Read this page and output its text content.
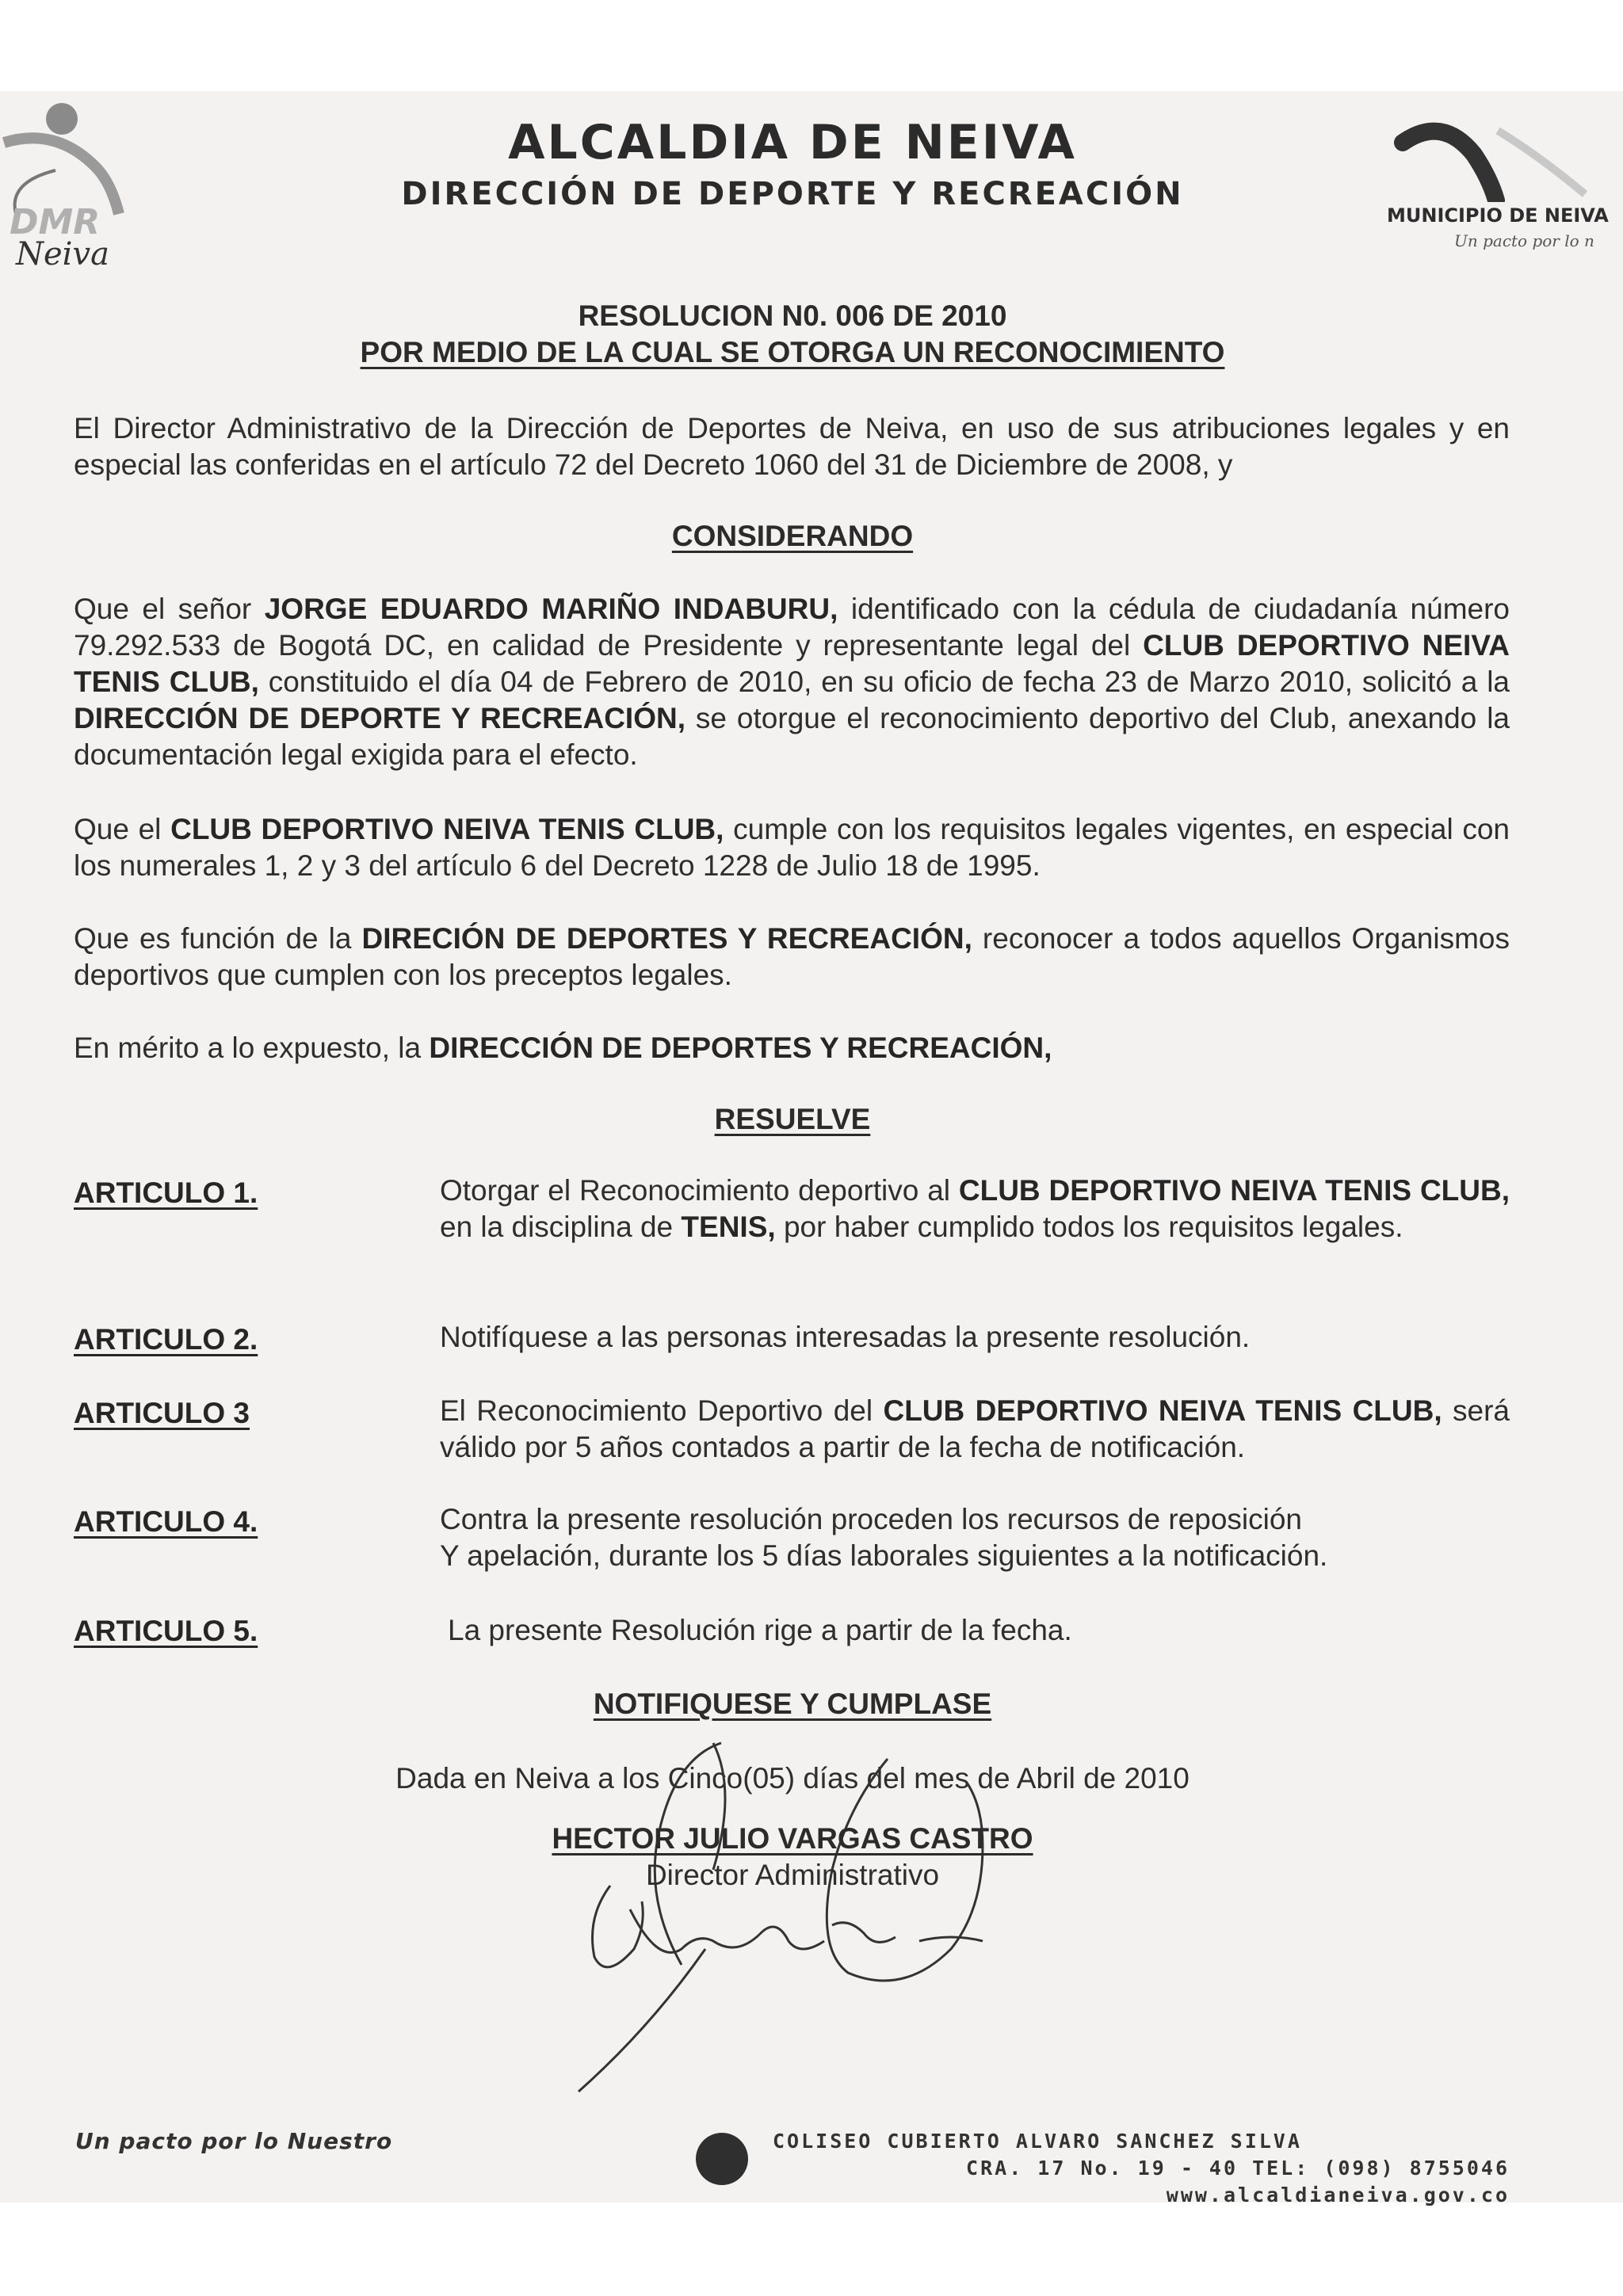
DMR
Neiva
ALCALDIA DE NEIVA
DIRECCIÓN DE DEPORTE Y RECREACIÓN
MUNICIPIO DE NEIVA
Un pacto por lo n
RESOLUCION N0. 006 DE 2010
POR MEDIO DE LA CUAL SE OTORGA UN RECONOCIMIENTO
El Director Administrativo de la Dirección de Deportes de Neiva, en uso de sus atribuciones legales y en especial las conferidas en el artículo 72 del Decreto 1060 del 31 de Diciembre de 2008, y
CONSIDERANDO
Que el señor JORGE EDUARDO MARIÑO INDABURU, identificado con la cédula de ciudadanía número 79.292.533 de Bogotá DC, en calidad de Presidente y representante legal del CLUB DEPORTIVO NEIVA TENIS CLUB, constituido el día 04 de Febrero de 2010, en su oficio de fecha 23 de Marzo 2010, solicitó a la DIRECCIÓN DE DEPORTE Y RECREACIÓN, se otorgue el reconocimiento deportivo del Club, anexando la documentación legal exigida para el efecto.
Que el CLUB DEPORTIVO NEIVA TENIS CLUB, cumple con los requisitos legales vigentes, en especial con los numerales 1, 2 y 3 del artículo 6 del Decreto 1228 de Julio 18 de 1995.
Que es función de la DIRECIÓN DE DEPORTES Y RECREACIÓN, reconocer a todos aquellos Organismos deportivos que cumplen con los preceptos legales.
En mérito a lo expuesto, la DIRECCIÓN DE DEPORTES Y RECREACIÓN,
RESUELVE
ARTICULO 1.	Otorgar el Reconocimiento deportivo al CLUB DEPORTIVO NEIVA TENIS CLUB, en la disciplina de TENIS, por haber cumplido todos los requisitos legales.
ARTICULO 2.	Notifíquese a las personas interesadas la presente resolución.
ARTICULO 3	El Reconocimiento Deportivo del CLUB DEPORTIVO NEIVA TENIS CLUB, será válido por 5 años contados a partir de la fecha de notificación.
ARTICULO 4.	Contra la presente resolución proceden los recursos de reposición
Y apelación, durante los 5 días laborales siguientes a la notificación.
ARTICULO 5.	La presente Resolución rige a partir de la fecha.
NOTIFIQUESE Y CUMPLASE
Dada en Neiva a los Cinco(05) días del mes de Abril de 2010
HECTOR JULIO VARGAS CASTRO
Director Administrativo
Un pacto por lo Nuestro	COLISEO CUBIERTO ALVARO SANCHEZ SILVA
CRA. 17 No. 19 - 40 TEL: (098) 8755046
www.alcaldianeiva.gov.co
